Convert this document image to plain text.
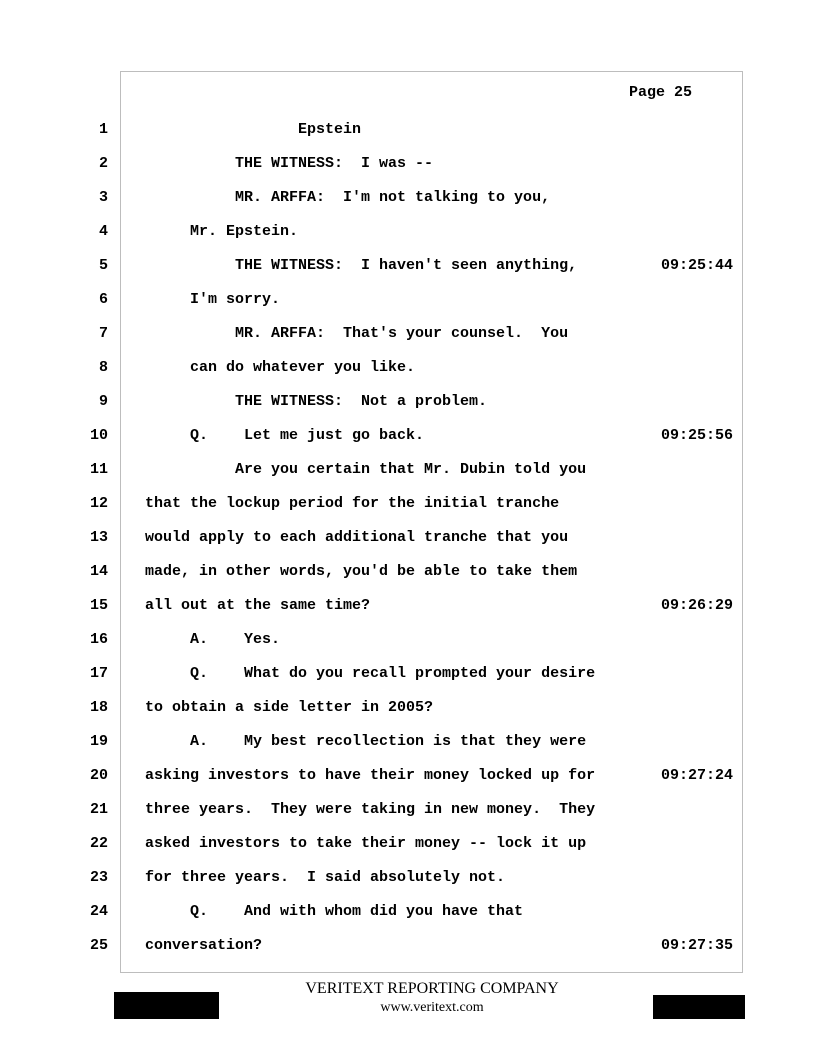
Page 25
1 Epstein
2 THE WITNESS:  I was --
3 MR. ARFFA:  I'm not talking to you,
4 Mr. Epstein.
5 THE WITNESS:  I haven't seen anything,	09:25:44
6 I'm sorry.
7 MR. ARFFA:  That's your counsel.  You
8 can do whatever you like.
9 THE WITNESS:  Not a problem.
10 Q.    Let me just go back.	09:25:56
11 Are you certain that Mr. Dubin told you
12 that the lockup period for the initial tranche
13 would apply to each additional tranche that you
14 made, in other words, you'd be able to take them
15 all out at the same time?	09:26:29
16 A.    Yes.
17 Q.    What do you recall prompted your desire
18 to obtain a side letter in 2005?
19 A.    My best recollection is that they were
20 asking investors to have their money locked up for	09:27:24
21 three years.  They were taking in new money.  They
22 asked investors to take their money -- lock it up
23 for three years.  I said absolutely not.
24 Q.    And with whom did you have that
25 conversation?	09:27:35
VERITEXT REPORTING COMPANY
www.veritext.com
